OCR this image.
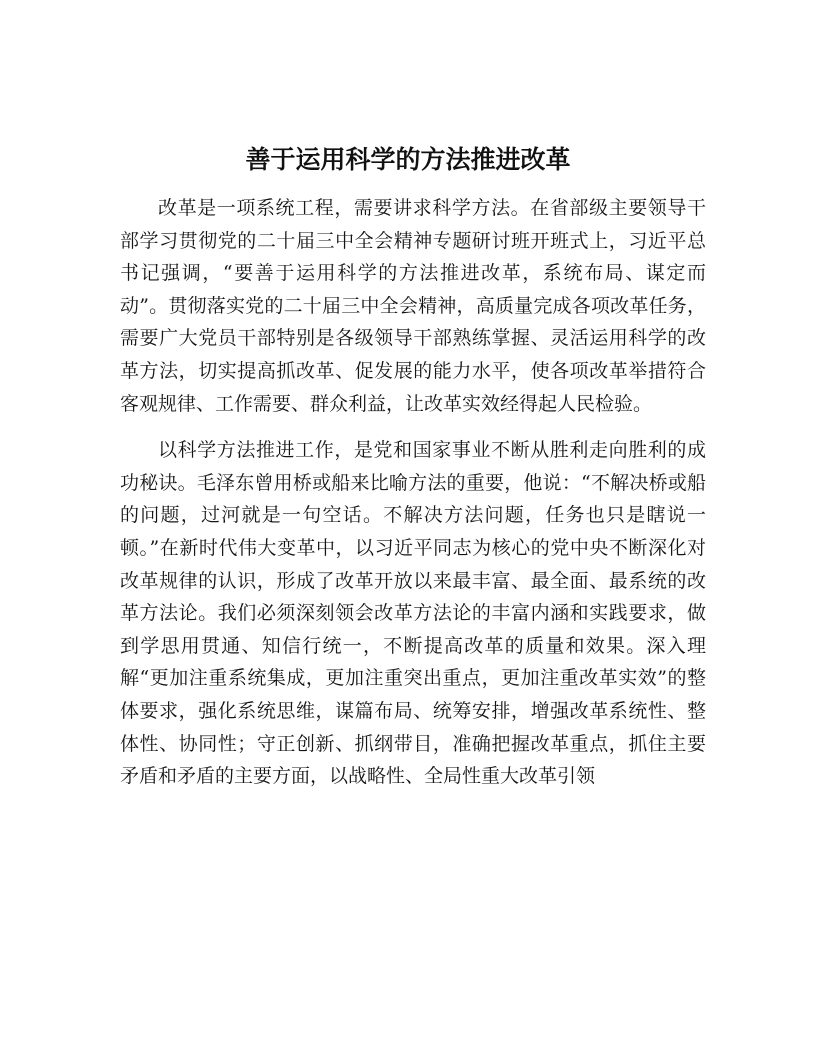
善于运用科学的方法推进改革

改革是一项系统工程，需要讲求科学方法。在省部级主要领导干部学习贯彻党的二十届三中全会精神专题研讨班开班式上，习近平总书记强调，“要善于运用科学的方法推进改革，系统布局、谋定而动”。贯彻落实党的二十届三中全会精神，高质量完成各项改革任务，需要广大党员干部特别是各级领导干部熟练掌握、灵活运用科学的改革方法，切实提高抓改革、促发展的能力水平，使各项改革举措符合客观规律、工作需要、群众利益，让改革实效经得起人民检验。

以科学方法推进工作，是党和国家事业不断从胜利走向胜利的成功秘诀。毛泽东曾用桥或船来比喻方法的重要，他说：“不解决桥或船的问题，过河就是一句空话。不解决方法问题，任务也只是瞎说一顿。”在新时代伟大变革中，以习近平同志为核心的党中央不断深化对改革规律的认识，形成了改革开放以来最丰富、最全面、最系统的改革方法论。我们必须深刻领会改革方法论的丰富内涵和实践要求，做到学思用贯通、知信行统一，不断提高改革的质量和效果。深入理解“更加注重系统集成，更加注重突出重点，更加注重改革实效”的整体要求，强化系统思维，谋篇布局、统筹安排，增强改革系统性、整体性、协同性；守正创新、抓纲带目，准确把握改革重点，抓住主要矛盾和矛盾的主要方面，以战略性、全局性重大改革引领
